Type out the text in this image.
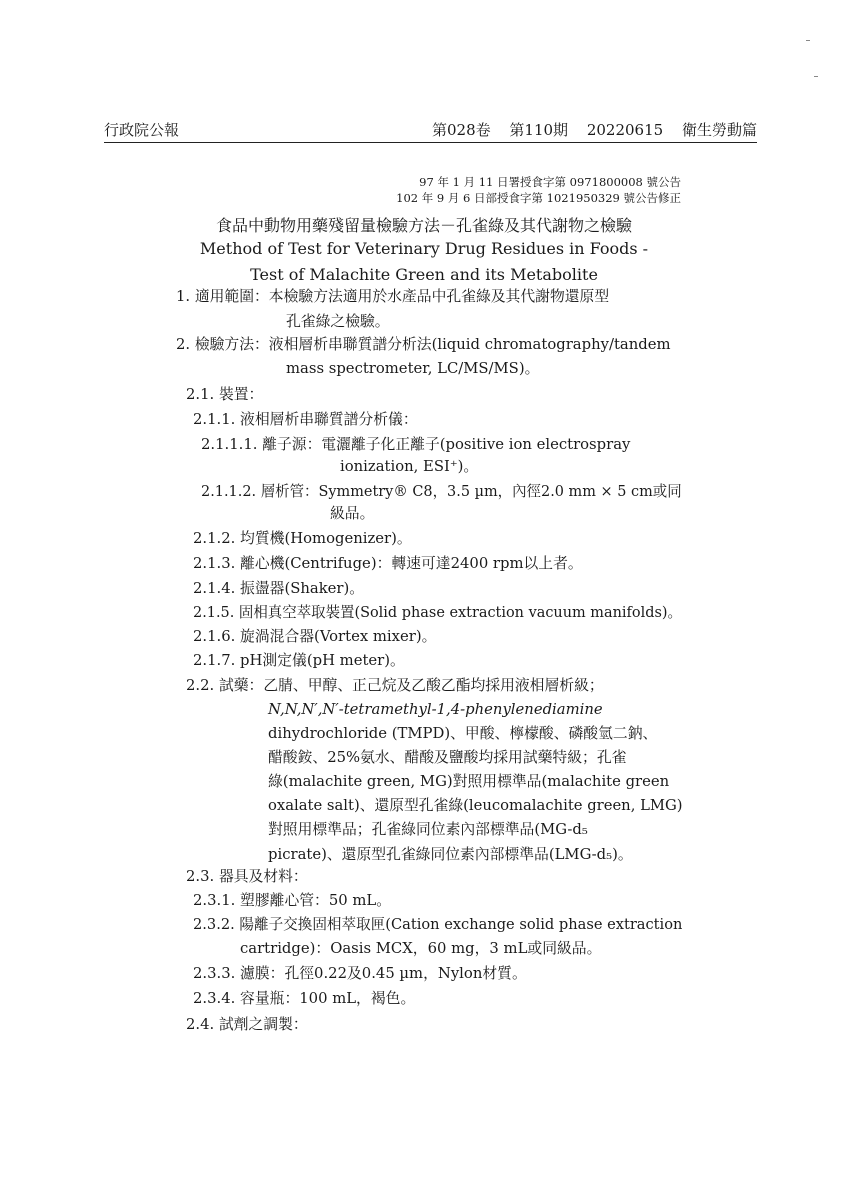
行政院公報	第028卷 第110期 20220615 衛生勞動篇
97 年 1 月 11 日署授食字第 0971800008 號公告
102 年 9 月 6 日部授食字第 1021950329 號公告修正
食品中動物用藥殘留量檢驗方法－孔雀綠及其代謝物之檢驗
Method of Test for Veterinary Drug Residues in Foods -
Test of Malachite Green and its Metabolite
1. 適用範圍：本檢驗方法適用於水產品中孔雀綠及其代謝物還原型
孔雀綠之檢驗。
2. 檢驗方法：液相層析串聯質譜分析法(liquid chromatography/tandem
mass spectrometer, LC/MS/MS)。
2.1. 裝置：
2.1.1. 液相層析串聯質譜分析儀：
2.1.1.1. 離子源：電灑離子化正離子(positive ion electrospray
ionization, ESI⁺)。
2.1.1.2. 層析管：Symmetry® C8，3.5 µm，內徑2.0 mm × 5 cm或同
級品。
2.1.2. 均質機(Homogenizer)。
2.1.3. 離心機(Centrifuge)：轉速可達2400 rpm以上者。
2.1.4. 振盪器(Shaker)。
2.1.5. 固相真空萃取裝置(Solid phase extraction vacuum manifolds)。
2.1.6. 旋渦混合器(Vortex mixer)。
2.1.7. pH測定儀(pH meter)。
2.2. 試藥：乙腈、甲醇、正己烷及乙酸乙酯均採用液相層析級；
N,N,N′,N′-tetramethyl-1,4-phenylenediamine
dihydrochloride (TMPD)、甲酸、檸檬酸、磷酸氫二鈉、
醋酸銨、25%氨水、醋酸及鹽酸均採用試藥特級；孔雀
綠(malachite green, MG)對照用標準品(malachite green
oxalate salt)、還原型孔雀綠(leucomalachite green, LMG)
對照用標準品；孔雀綠同位素內部標準品(MG-d₅
picrate)、還原型孔雀綠同位素內部標準品(LMG-d₅)。
2.3. 器具及材料：
2.3.1. 塑膠離心管：50 mL。
2.3.2. 陽離子交換固相萃取匣(Cation exchange solid phase extraction
cartridge)：Oasis MCX，60 mg，3 mL或同級品。
2.3.3. 濾膜：孔徑0.22及0.45 µm，Nylon材質。
2.3.4. 容量瓶：100 mL，褐色。
2.4. 試劑之調製：
